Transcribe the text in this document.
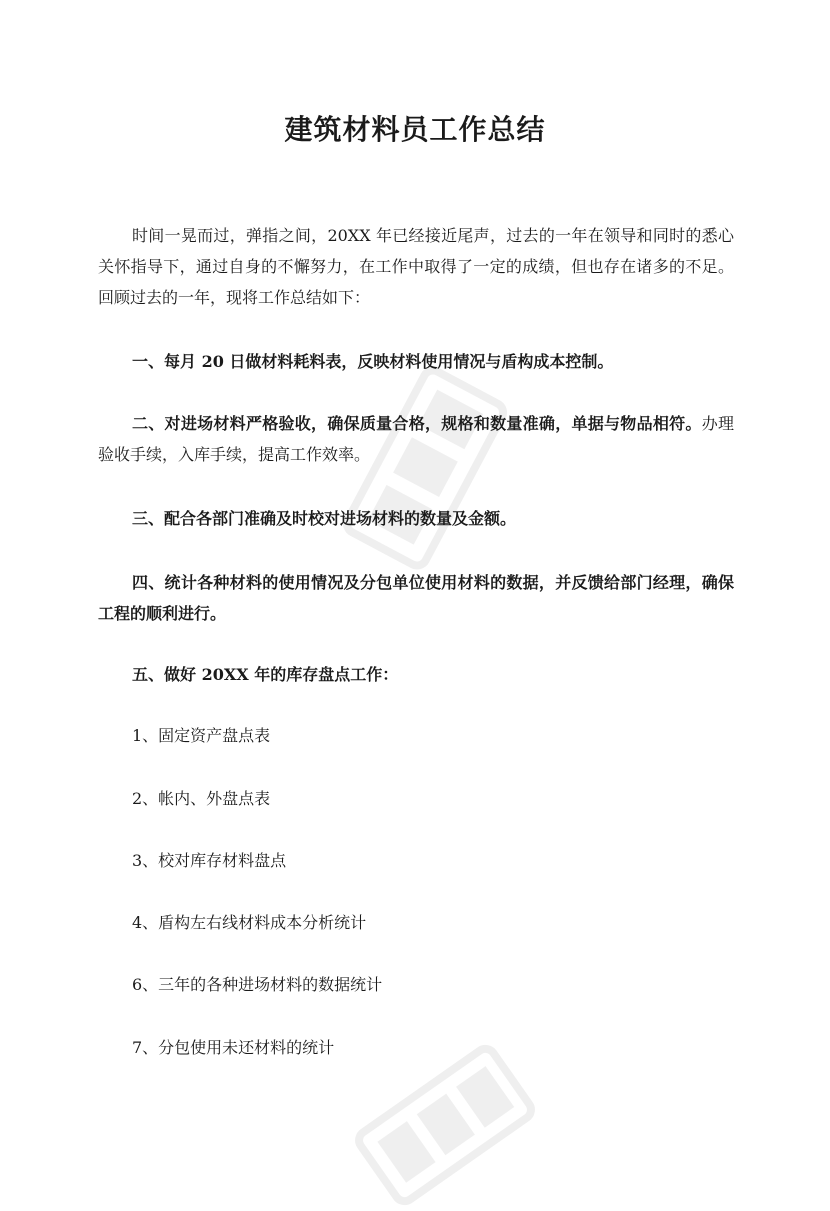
建筑材料员工作总结

时间一晃而过，弹指之间，20XX 年已经接近尾声，过去的一年在领导和同时的悉心关怀指导下，通过自身的不懈努力，在工作中取得了一定的成绩，但也存在诸多的不足。回顾过去的一年，现将工作总结如下：

一、每月 20 日做材料耗料表，反映材料使用情况与盾构成本控制。

二、对进场材料严格验收，确保质量合格，规格和数量准确，单据与物品相符。办理验收手续，入库手续，提高工作效率。

三、配合各部门准确及时校对进场材料的数量及金额。

四、统计各种材料的使用情况及分包单位使用材料的数据，并反馈给部门经理，确保工程的顺利进行。

五、做好 20XX 年的库存盘点工作：

1、固定资产盘点表

2、帐内、外盘点表

3、校对库存材料盘点

4、盾构左右线材料成本分析统计

6、三年的各种进场材料的数据统计

7、分包使用未还材料的统计
